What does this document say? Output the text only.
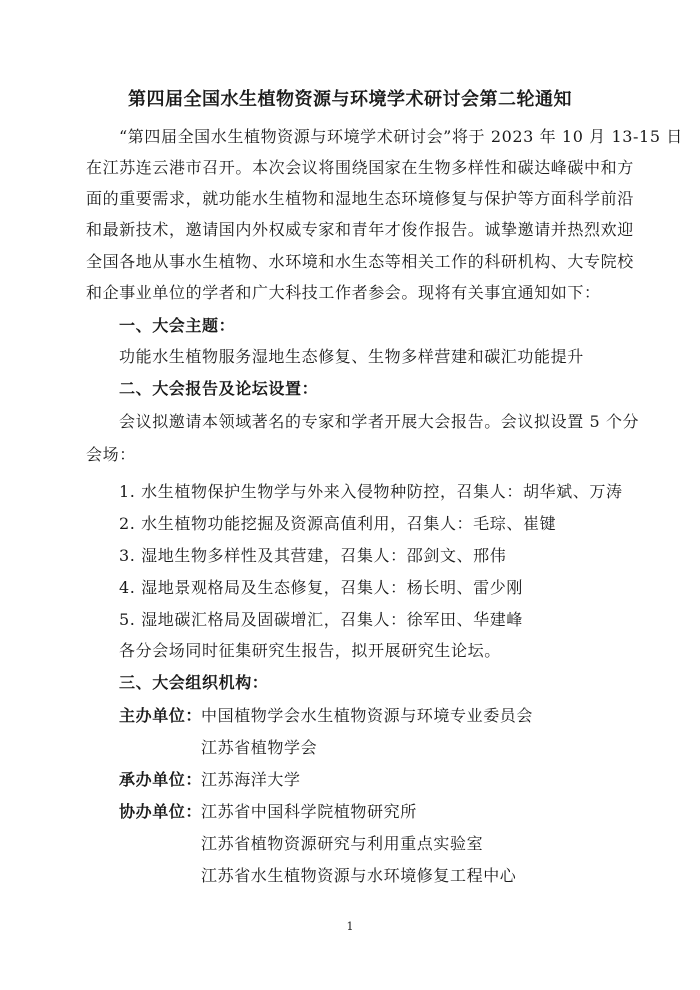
第四届全国水生植物资源与环境学术研讨会第二轮通知
“第四届全国水生植物资源与环境学术研讨会”将于 2023 年 10 月 13-15 日
在江苏连云港市召开。本次会议将围绕国家在生物多样性和碳达峰碳中和方
面的重要需求，就功能水生植物和湿地生态环境修复与保护等方面科学前沿
和最新技术，邀请国内外权威专家和青年才俊作报告。诚挚邀请并热烈欢迎
全国各地从事水生植物、水环境和水生态等相关工作的科研机构、大专院校
和企事业单位的学者和广大科技工作者参会。现将有关事宜通知如下：
一、大会主题：
功能水生植物服务湿地生态修复、生物多样营建和碳汇功能提升
二、大会报告及论坛设置：
会议拟邀请本领域著名的专家和学者开展大会报告。会议拟设置 5 个分
会场：
1. 水生植物保护生物学与外来入侵物种防控，召集人：胡华斌、万涛
2. 水生植物功能挖掘及资源高值利用，召集人：毛琮、崔键
3. 湿地生物多样性及其营建，召集人：邵剑文、邢伟
4. 湿地景观格局及生态修复，召集人：杨长明、雷少刚
5. 湿地碳汇格局及固碳增汇，召集人：徐军田、华建峰
各分会场同时征集研究生报告，拟开展研究生论坛。
三、大会组织机构：
主办单位：
中国植物学会水生植物资源与环境专业委员会
江苏省植物学会
承办单位：
江苏海洋大学
协办单位：
江苏省中国科学院植物研究所
江苏省植物资源研究与利用重点实验室
江苏省水生植物资源与水环境修复工程中心
1
